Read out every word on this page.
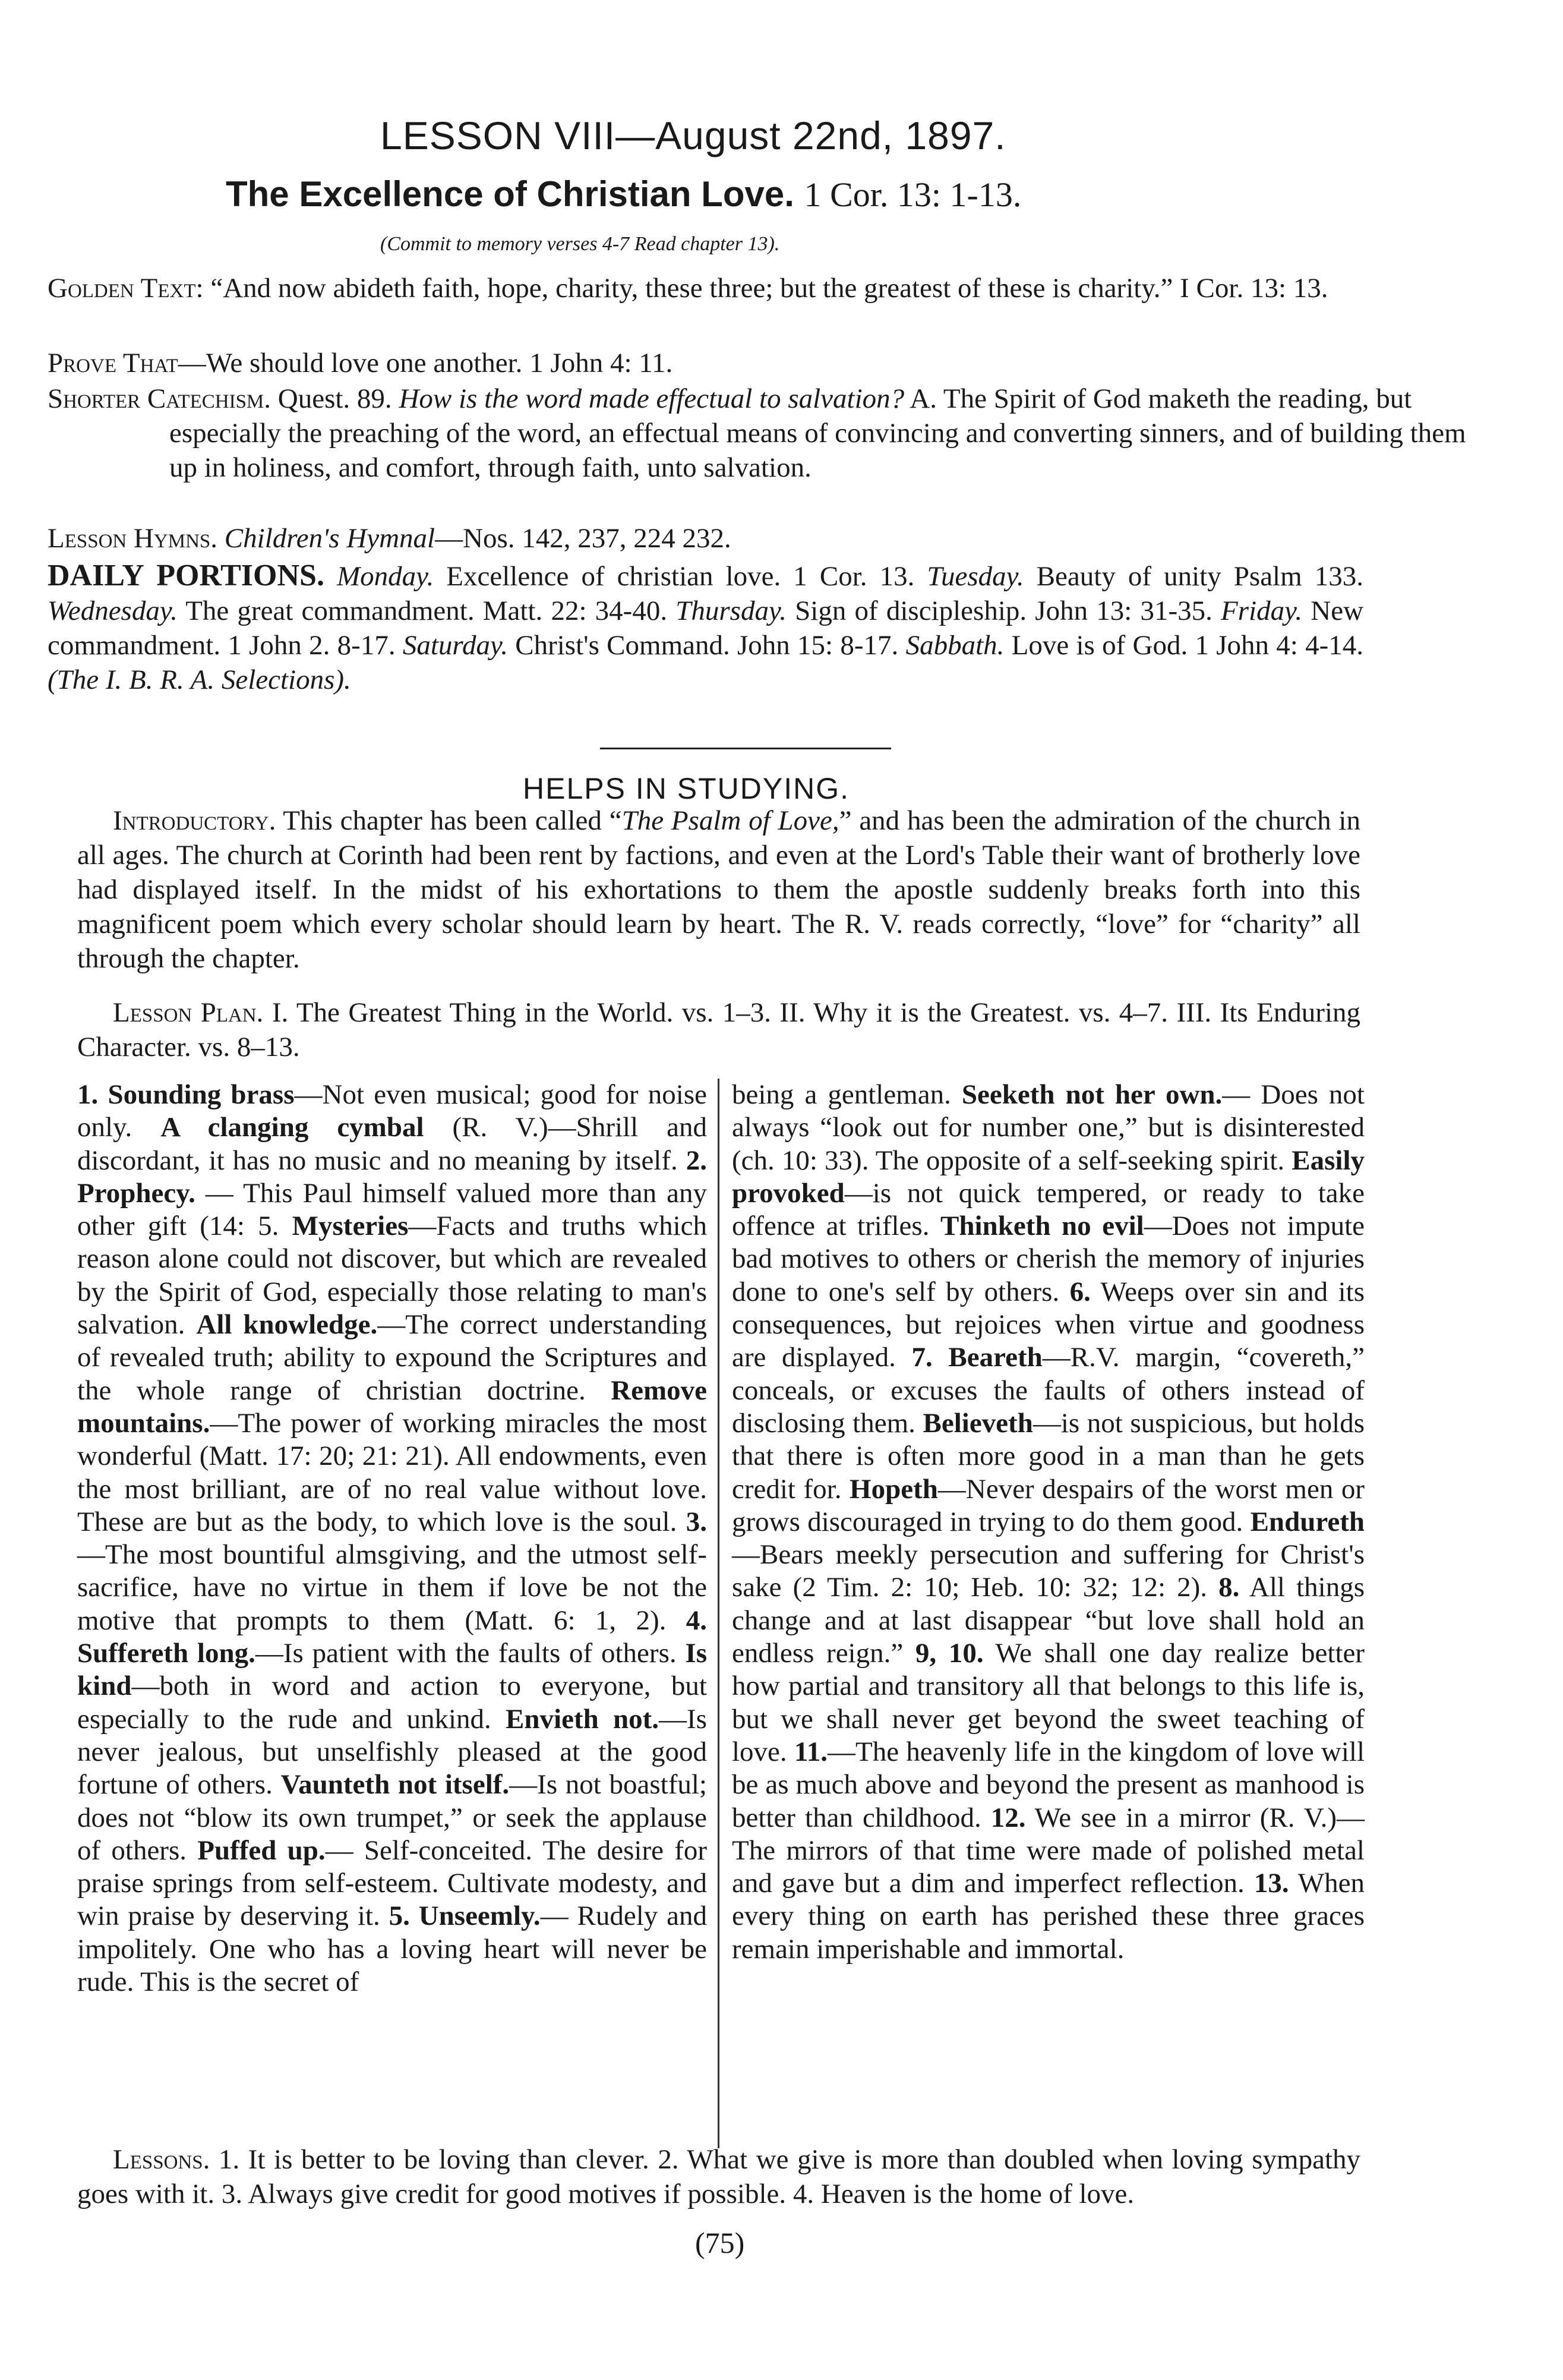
LESSON VIII—August 22nd, 1897.
The Excellence of Christian Love. 1 Cor. 13: 1-13.
(Commit to memory verses 4-7 Read chapter 13).
Golden Text: “And now abideth faith, hope, charity, these three; but the greatest of these is charity.” I Cor. 13: 13.
Prove That—We should love one another. 1 John 4: 11.
Shorter Catechism. Quest. 89. How is the word made effectual to salvation? A. The Spirit of God maketh the reading, but especially the preaching of the word, an effectual means of convincing and converting sinners, and of building them up in holiness, and comfort, through faith, unto salvation.
Lesson Hymns. Children's Hymnal—Nos. 142, 237, 224 232.
DAILY PORTIONS. Monday. Excellence of christian love. 1 Cor. 13. Tuesday. Beauty of unity Psalm 133. Wednesday. The great commandment. Matt. 22: 34-40. Thursday. Sign of discipleship. John 13: 31-35. Friday. New commandment. 1 John 2. 8-17. Saturday. Christ's Command. John 15: 8-17. Sabbath. Love is of God. 1 John 4: 4-14. (The I. B. R. A. Selections).
HELPS IN STUDYING.
Introductory. This chapter has been called “The Psalm of Love,” and has been the admiration of the church in all ages. The church at Corinth had been rent by factions, and even at the Lord's Table their want of brotherly love had displayed itself. In the midst of his exhortations to them the apostle suddenly breaks forth into this magnificent poem which every scholar should learn by heart. The R. V. reads correctly, “love” for “charity” all through the chapter.
Lesson Plan. I. The Greatest Thing in the World. vs. 1–3. II. Why it is the Greatest. vs. 4–7. III. Its Enduring Character. vs. 8–13.
1. Sounding brass—Not even musical; good for noise only. A clanging cymbal (R. V.)—Shrill and discordant, it has no music and no meaning by itself. 2. Prophecy. — This Paul himself valued more than any other gift (14: 5. Mysteries—Facts and truths which reason alone could not discover, but which are revealed by the Spirit of God, especially those relating to man's salvation. All knowledge.—The correct understanding of revealed truth; ability to expound the Scriptures and the whole range of christian doctrine. Remove mountains.—The power of working miracles the most wonderful (Matt. 17: 20; 21: 21). All endowments, even the most brilliant, are of no real value without love. These are but as the body, to which love is the soul. 3.—The most bountiful almsgiving, and the utmost self-sacrifice, have no virtue in them if love be not the motive that prompts to them (Matt. 6: 1, 2). 4. Suffereth long.—Is patient with the faults of others. Is kind—both in word and action to everyone, but especially to the rude and unkind. Envieth not.—Is never jealous, but unselfishly pleased at the good fortune of others. Vaunteth not itself.—Is not boastful; does not “blow its own trumpet,” or seek the applause of others. Puffed up.— Self-conceited. The desire for praise springs from self-esteem. Cultivate modesty, and win praise by deserving it. 5. Unseemly.— Rudely and impolitely. One who has a loving heart will never be rude. This is the secret of
being a gentleman. Seeketh not her own.— Does not always “look out for number one,” but is disinterested (ch. 10: 33). The opposite of a self-seeking spirit. Easily provoked—is not quick tempered, or ready to take offence at trifles. Thinketh no evil—Does not impute bad motives to others or cherish the memory of injuries done to one's self by others. 6. Weeps over sin and its consequences, but rejoices when virtue and goodness are displayed. 7. Beareth—R.V. margin, “covereth,” conceals, or excuses the faults of others instead of disclosing them. Believeth—is not suspicious, but holds that there is often more good in a man than he gets credit for. Hopeth—Never despairs of the worst men or grows discouraged in trying to do them good. Endureth—Bears meekly persecution and suffering for Christ's sake (2 Tim. 2: 10; Heb. 10: 32; 12: 2). 8. All things change and at last disappear “but love shall hold an endless reign.” 9, 10. We shall one day realize better how partial and transitory all that belongs to this life is, but we shall never get beyond the sweet teaching of love. 11.—The heavenly life in the kingdom of love will be as much above and beyond the present as manhood is better than childhood. 12. We see in a mirror (R. V.)—The mirrors of that time were made of polished metal and gave but a dim and imperfect reflection. 13. When every thing on earth has perished these three graces remain imperishable and immortal.
Lessons. 1. It is better to be loving than clever. 2. What we give is more than doubled when loving sympathy goes with it. 3. Always give credit for good motives if possible. 4. Heaven is the home of love.
(75)
